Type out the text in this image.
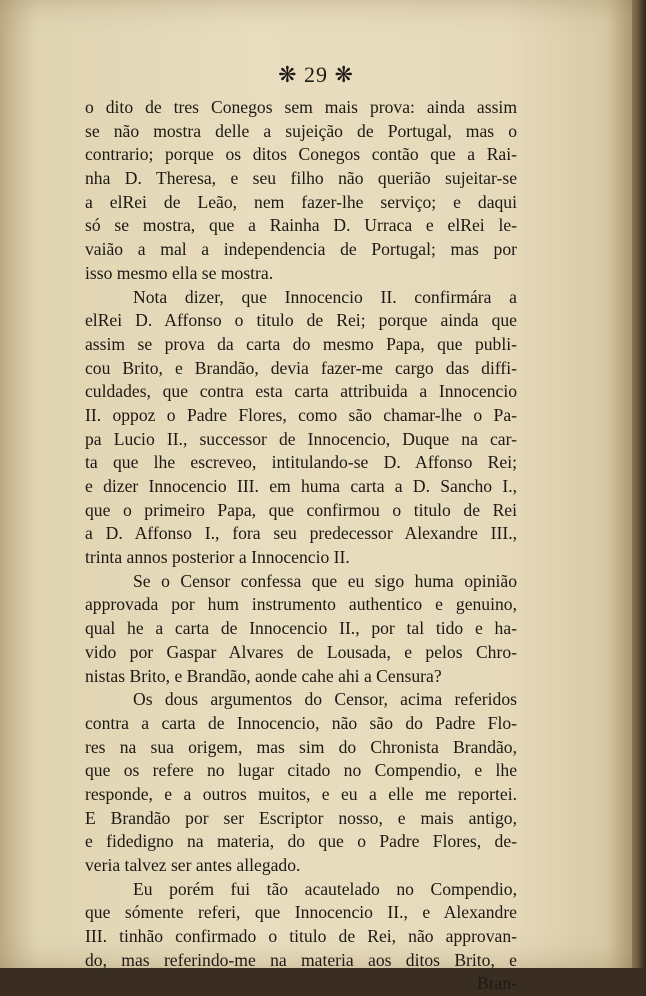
❋ 29 ❋
o dito de tres Conegos sem mais prova: ainda assim
se não mostra delle a sujeição de Portugal, mas o
contrario; porque os ditos Conegos contão que a Rai-
nha D. Theresa, e seu filho não querião sujeitar-se
a elRei de Leão, nem fazer-lhe serviço; e daqui
só se mostra, que a Rainha D. Urraca e elRei le-
vaião a mal a independencia de Portugal; mas por
isso mesmo ella se mostra.
Nota dizer, que Innocencio II. confirmára a
elRei D. Affonso o titulo de Rei; porque ainda que
assim se prova da carta do mesmo Papa, que publi-
cou Brito, e Brandão, devia fazer-me cargo das diffi-
culdades, que contra esta carta attribuida a Innocencio
II. oppoz o Padre Flores, como são chamar-lhe o Pa-
pa Lucio II., successor de Innocencio, Duque na car-
ta que lhe escreveo, intitulando-se D. Affonso Rei;
e dizer Innocencio III. em huma carta a D. Sancho I.,
que o primeiro Papa, que confirmou o titulo de Rei
a D. Affonso I., fora seu predecessor Alexandre III.,
trinta annos posterior a Innocencio II.
Se o Censor confessa que eu sigo huma opinião
approvada por hum instrumento authentico e genuino,
qual he a carta de Innocencio II., por tal tido e ha-
vido por Gaspar Alvares de Lousada, e pelos Chro-
nistas Brito, e Brandão, aonde cahe ahi a Censura?
Os dous argumentos do Censor, acima referidos
contra a carta de Innocencio, não são do Padre Flo-
res na sua origem, mas sim do Chronista Brandão,
que os refere no lugar citado no Compendio, e lhe
responde, e a outros muitos, e eu a elle me reportei.
E Brandão por ser Escriptor nosso, e mais antigo,
e fidedigno na materia, do que o Padre Flores, de-
veria talvez ser antes allegado.
Eu porém fui tão acautelado no Compendio,
que sómente referi, que Innocencio II., e Alexandre
III. tinhão confirmado o titulo de Rei, não approvan-
do, mas referindo-me na materia aos ditos Brito, e
Bran-
